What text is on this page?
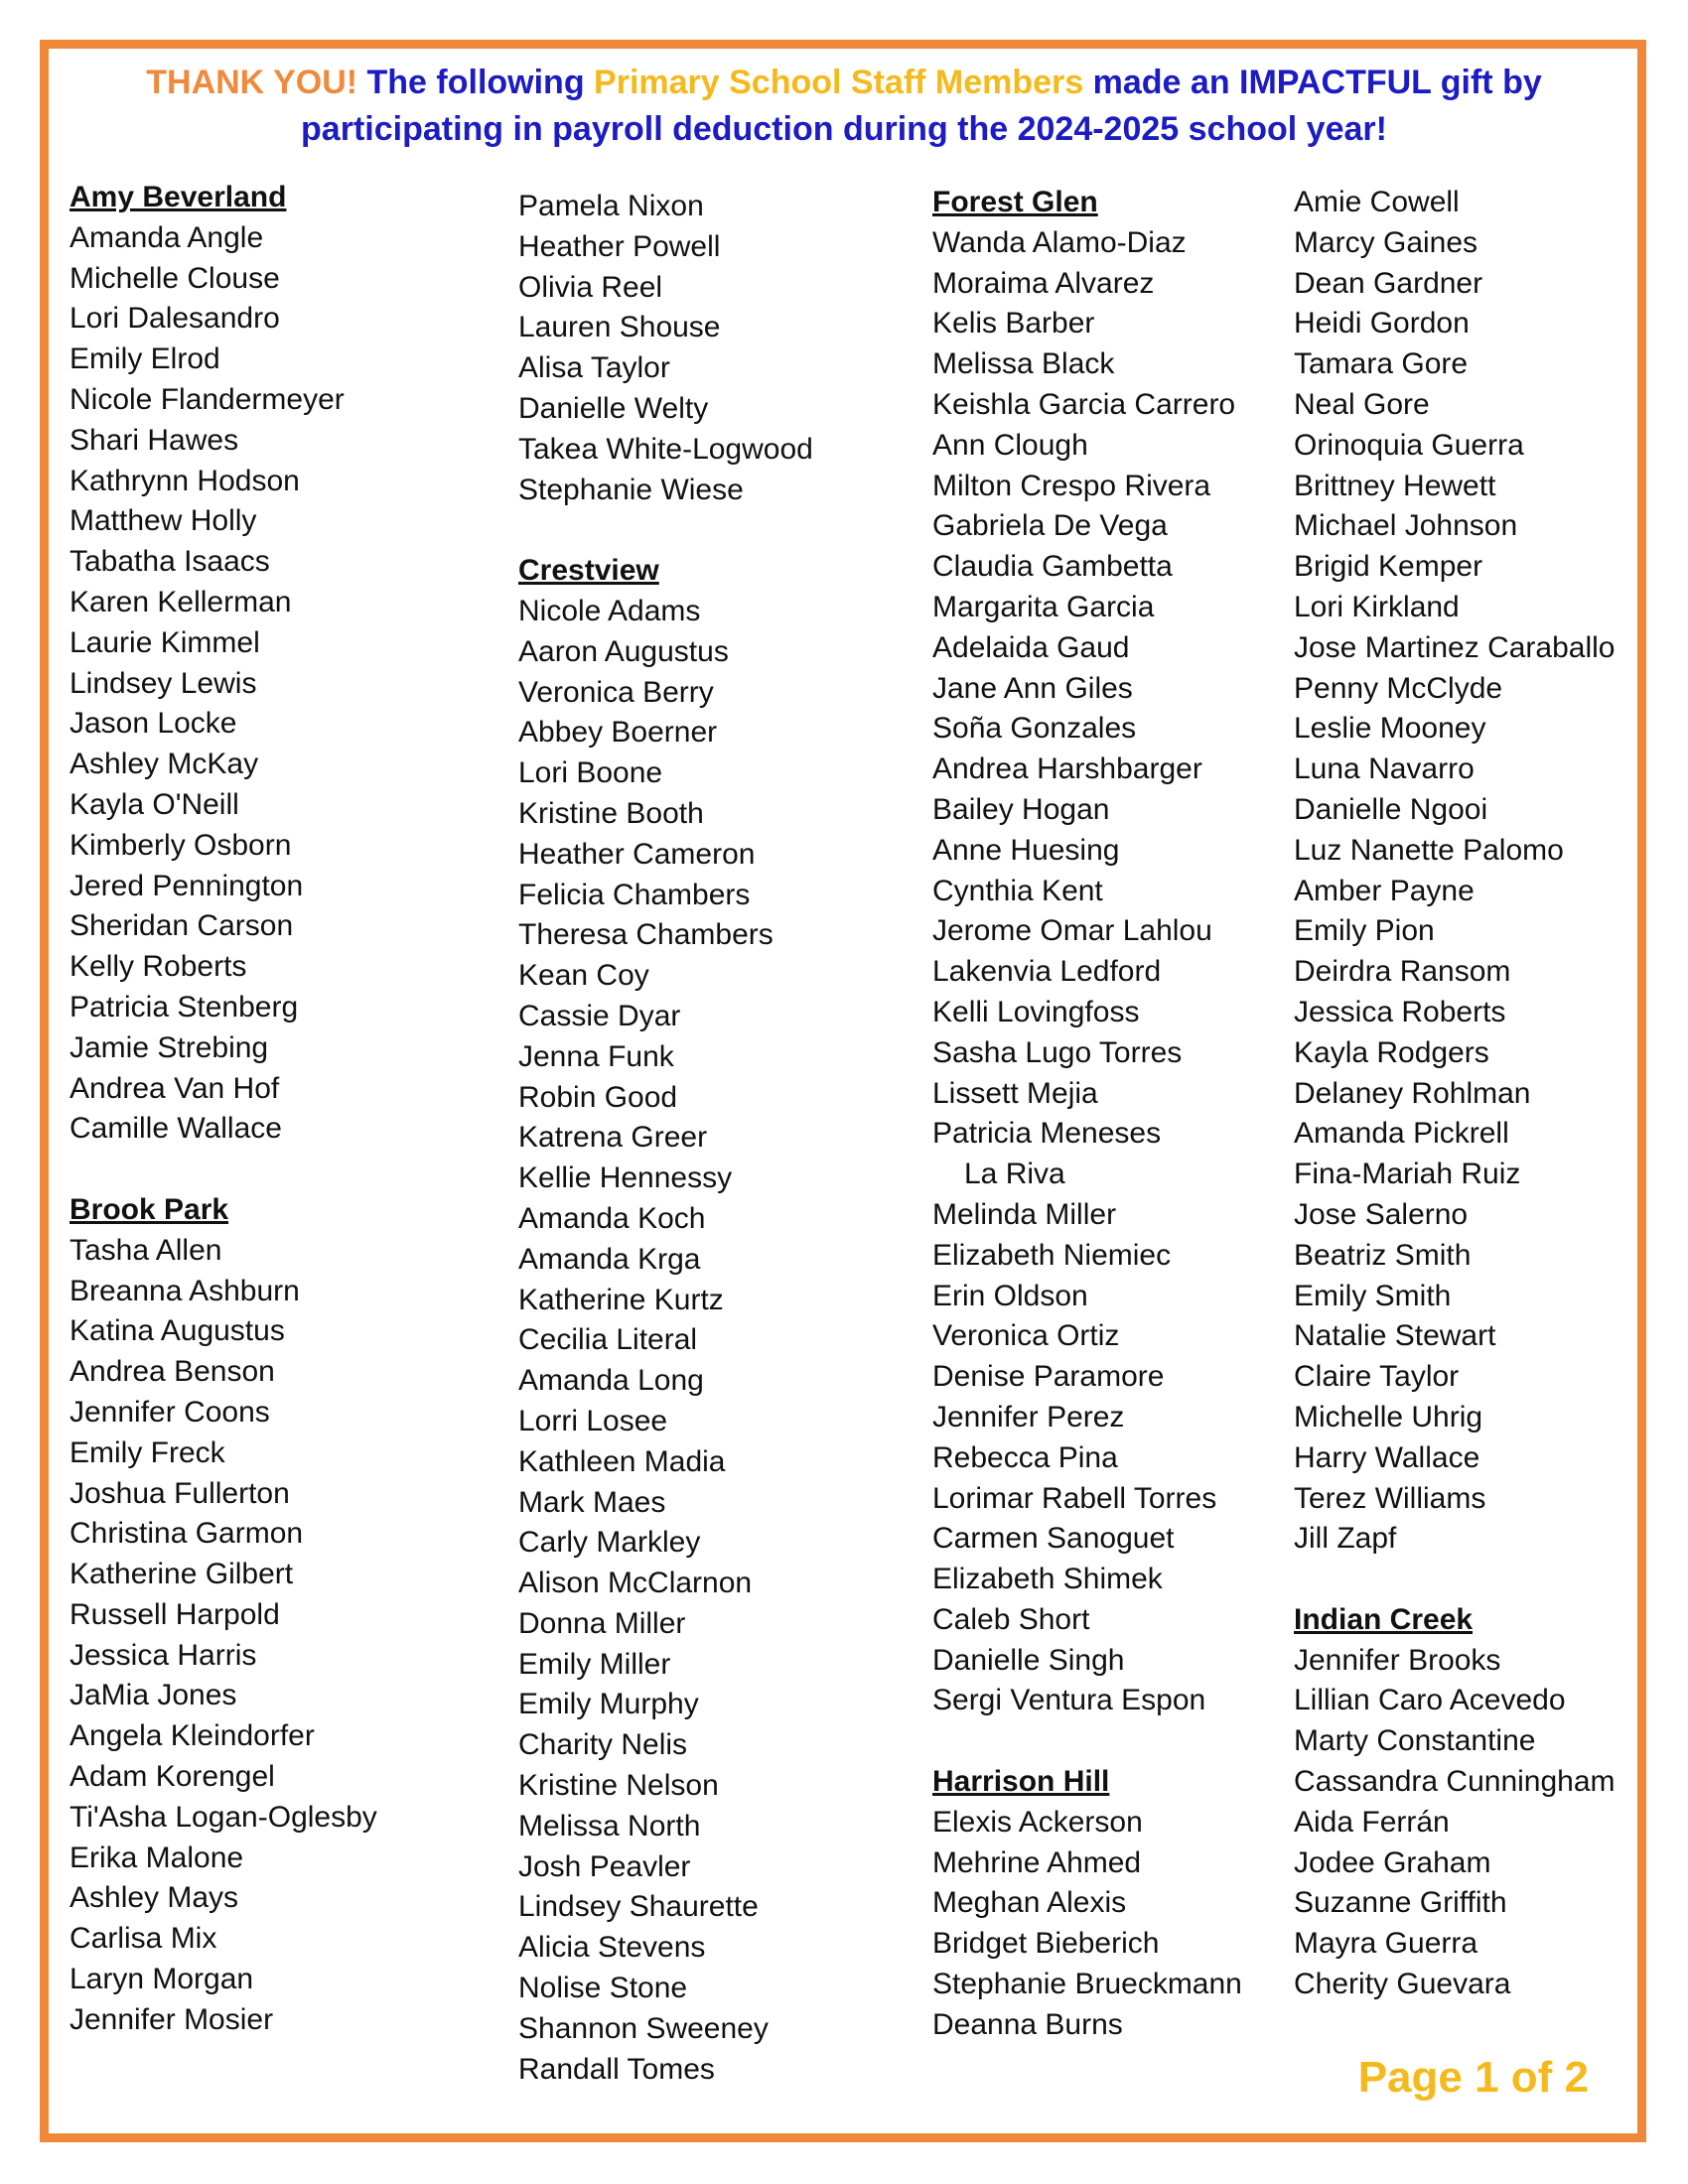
THANK YOU! The following Primary School Staff Members made an IMPACTFUL gift by participating in payroll deduction during the 2024-2025 school year!
Amy Beverland
Amanda Angle
Michelle Clouse
Lori Dalesandro
Emily Elrod
Nicole Flandermeyer
Shari Hawes
Kathrynn Hodson
Matthew Holly
Tabatha Isaacs
Karen Kellerman
Laurie Kimmel
Lindsey Lewis
Jason Locke
Ashley McKay
Kayla O'Neill
Kimberly Osborn
Jered Pennington
Sheridan Carson
Kelly Roberts
Patricia Stenberg
Jamie Strebing
Andrea Van Hof
Camille Wallace
Brook Park
Tasha Allen
Breanna Ashburn
Katina Augustus
Andrea Benson
Jennifer Coons
Emily Freck
Joshua Fullerton
Christina Garmon
Katherine Gilbert
Russell Harpold
Jessica Harris
JaMia Jones
Angela Kleindorfer
Adam Korengel
Ti'Asha Logan-Oglesby
Erika Malone
Ashley Mays
Carlisa Mix
Laryn Morgan
Jennifer Mosier
Pamela Nixon
Heather Powell
Olivia Reel
Lauren Shouse
Alisa Taylor
Danielle Welty
Takea White-Logwood
Stephanie Wiese
Crestview
Nicole Adams
Aaron Augustus
Veronica Berry
Abbey Boerner
Lori Boone
Kristine Booth
Heather Cameron
Felicia Chambers
Theresa Chambers
Kean Coy
Cassie Dyar
Jenna Funk
Robin Good
Katrena Greer
Kellie Hennessy
Amanda Koch
Amanda Krga
Katherine Kurtz
Cecilia Literal
Amanda Long
Lorri Losee
Kathleen Madia
Mark Maes
Carly Markley
Alison McClarnon
Donna Miller
Emily Miller
Emily Murphy
Charity Nelis
Kristine Nelson
Melissa North
Josh Peavler
Lindsey Shaurette
Alicia Stevens
Nolise Stone
Shannon Sweeney
Randall Tomes
Forest Glen
Wanda Alamo-Diaz
Moraima Alvarez
Kelis Barber
Melissa Black
Keishla Garcia Carrero
Ann Clough
Milton Crespo Rivera
Gabriela De Vega
Claudia Gambetta
Margarita Garcia
Adelaida Gaud
Jane Ann Giles
Soña Gonzales
Andrea Harshbarger
Bailey Hogan
Anne Huesing
Cynthia Kent
Jerome Omar Lahlou
Lakenvia Ledford
Kelli Lovingfoss
Sasha Lugo Torres
Lissett Mejia
Patricia Meneses
La Riva
Melinda Miller
Elizabeth Niemiec
Erin Oldson
Veronica Ortiz
Denise Paramore
Jennifer Perez
Rebecca Pina
Lorimar Rabell Torres
Carmen Sanoguet
Elizabeth Shimek
Caleb Short
Danielle Singh
Sergi Ventura Espon
Harrison Hill
Elexis Ackerson
Mehrine Ahmed
Meghan Alexis
Bridget Bieberich
Stephanie Brueckmann
Deanna Burns
Amie Cowell
Marcy Gaines
Dean Gardner
Heidi Gordon
Tamara Gore
Neal Gore
Orinoquia Guerra
Brittney Hewett
Michael Johnson
Brigid Kemper
Lori Kirkland
Jose Martinez Caraballo
Penny McClyde
Leslie Mooney
Luna Navarro
Danielle Ngooi
Luz Nanette Palomo
Amber Payne
Emily Pion
Deirdra Ransom
Jessica Roberts
Kayla Rodgers
Delaney Rohlman
Amanda Pickrell
Fina-Mariah Ruiz
Jose Salerno
Beatriz Smith
Emily Smith
Natalie Stewart
Claire Taylor
Michelle Uhrig
Harry Wallace
Terez Williams
Jill Zapf
Indian Creek
Jennifer Brooks
Lillian Caro Acevedo
Marty Constantine
Cassandra Cunningham
Aida Ferrán
Jodee Graham
Suzanne Griffith
Mayra Guerra
Cherity Guevara
Page 1 of 2
